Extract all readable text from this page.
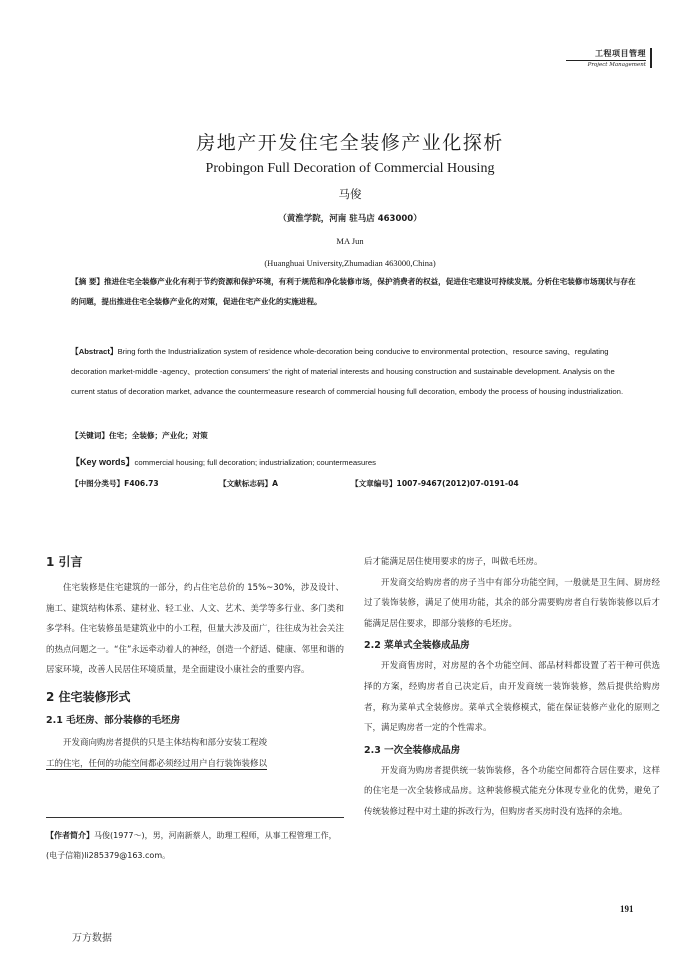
工程项目管理
Project Management
房地产开发住宅全装修产业化探析
Probingon Full Decoration of Commercial Housing
马俊
（黄淮学院，河南 驻马店 463000）
MA Jun
(Huanghuai University,Zhumadian 463000,China)
【摘 要】推进住宅全装修产业化有利于节约资源和保护环境，有利于规范和净化装修市场，保护消费者的权益，促进住宅建设可持续发展。分析住宅装修市场现状与存在的问题，提出推进住宅全装修产业化的对策，促进住宅产业化的实施进程。
【Abstract】Bring forth the Industrialization system of residence whole-decoration being conducive to environmental protection、resource saving、regulating decoration market-middle -agency、protection consumers' the right of material interests and housing construction and sustainable development. Analysis on the current status of decoration market, advance the countermeasure research of commercial housing full decoration, embody the process of housing industrialization.
【关键词】住宅；全装修；产业化；对策
【Key words】commercial housing; full decoration; industrialization; countermeasures
【中图分类号】F406.73	【文献标志码】A	【文章编号】1007-9467(2012)07-0191-04

1 引言

住宅装修是住宅建筑的一部分，约占住宅总价的 15%~30%，涉及设计、施工、建筑结构体系、建材业、轻工业、人文、艺术、美学等多行业、多门类和多学科。住宅装修虽是建筑业中的小工程，但量大涉及面广，往往成为社会关注的热点问题之一。“住”永远牵动着人的神经，创造一个舒适、健康、邻里和谐的居家环境，改善人民居住环境质量，是全面建设小康社会的重要内容。

2 住宅装修形式

2.1 毛坯房、部分装修的毛坯房

开发商向购房者提供的只是主体结构和部分安装工程竣

工的住宅，任何的功能空间都必须经过用户自行装饰装修以

后才能满足居住使用要求的房子，叫做毛坯房。

开发商交给购房者的房子当中有部分功能空间，一般就是卫生间、厨房经过了装饰装修，满足了使用功能，其余的部分需要购房者自行装饰装修以后才能满足居住要求，即部分装修的毛坯房。

2.2 菜单式全装修成品房

开发商售房时，对房屋的各个功能空间、部品材料都设置了若干种可供选择的方案，经购房者自己决定后，由开发商统一装饰装修，然后提供给购房者，称为菜单式全装修房。菜单式全装修模式，能在保证装修产业化的原则之下，满足购房者一定的个性需求。

2.3 一次全装修成品房

开发商为购房者提供统一装饰装修，各个功能空间都符合居住要求，这样的住宅是一次全装修成品房。这种装修模式能充分体现专业化的优势，避免了传统装修过程中对土建的拆改行为，但购房者买房时没有选择的余地。

【作者简介】马俊(1977～)，男，河南新蔡人，助理工程师，从事工程管理工作，(电子信箱)li285379@163.com。
191
万方数据
